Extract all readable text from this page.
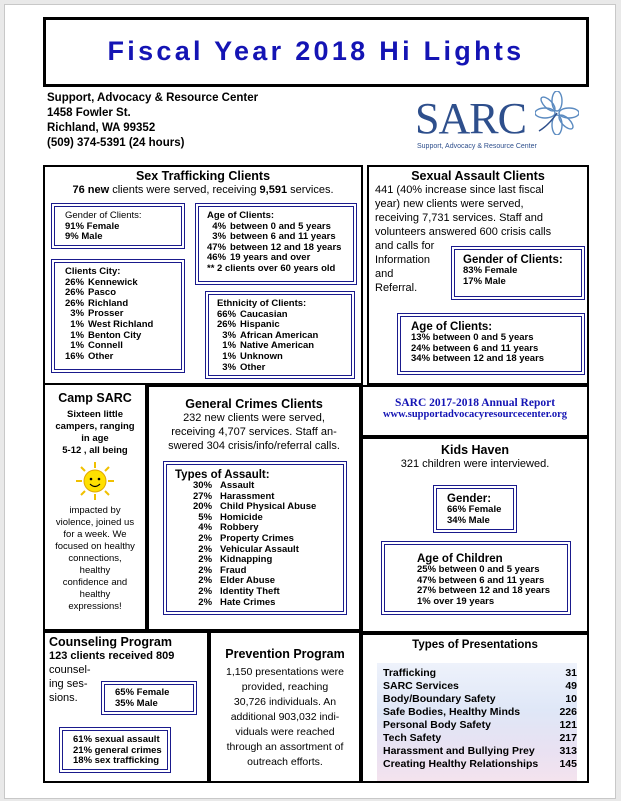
Fiscal Year 2018 Hi Lights
Support, Advocacy & Resource Center
1458 Fowler St.
Richland, WA 99352
(509) 374-5391 (24 hours)	SARC
Support, Advocacy & Resource Center
Sex Trafficking Clients
76 new clients were served, receiving 9,591 services.
Gender of Clients:
91% Female
9% Male
Clients City:
26%	Kennewick
26%	Pasco
26%	Richland
3%	Prosser
1%	West Richland
1%	Benton City
1%	Connell
16%	Other
Age of Clients:
4%	between 0 and 5 years
3%	between 6 and 11 years
47%	between 12 and 18 years
46%	19 years and over
** 2 clients over 60 years old
Ethnicity of Clients:
66%	Caucasian
26%	Hispanic
3%	African American
1%	Native American
1%	Unknown
3%	Other
Sexual Assault Clients
441 (40% increase since last fiscal
year) new clients were served,
receiving 7,731 services. Staff and
volunteers answered 600 crisis calls
and calls for
Information
and
Referral.
Gender of Clients:
83% Female
17% Male
Age of Clients:
13% between 0 and 5 years
24% between 6 and 11 years
34% between 12 and 18 years
Camp SARC
Sixteen little
campers, ranging
in age
5-12 , all being
impacted by
violence, joined us
for a week. We
focused on healthy
connections,
healthy
confidence and
healthy
expressions!
General Crimes Clients
232 new clients were served,
receiving 4,707 services. Staff an-
swered 304 crisis/info/referral calls.
Types of Assault:
30%	Assault
27%	Harassment
20%	Child Physical Abuse
5%	Homicide
4%	Robbery
2%	Property Crimes
2%	Vehicular Assault
2%	Kidnapping
2%	Fraud
2%	Elder Abuse
2%	Identity Theft
2%	Hate Crimes
SARC 2017-2018 Annual Report
www.supportadvocacyresourcecenter.org
Kids Haven
321 children were interviewed.
Gender:
66% Female
34% Male
Age of Children
25% between 0 and 5 years
47% between 6 and 11 years
27% between 12 and 18 years
1% over 19 years
Counseling Program
123 clients received 809
counsel-
ing ses-
sions.	65% Female
35% Male
61% sexual assault
21% general crimes
18% sex trafficking
Prevention Program
1,150 presentations were
provided, reaching
30,726 individuals. An
additional 903,032 indi-
viduals were reached
through an assortment of
outreach efforts.
Types of Presentations
Trafficking	31
SARC Services	49
Body/Boundary Safety	10
Safe Bodies, Healthy Minds	226
Personal Body Safety	121
Tech Safety	217
Harassment and Bullying Prey 313
Creating Healthy Relationships 145
